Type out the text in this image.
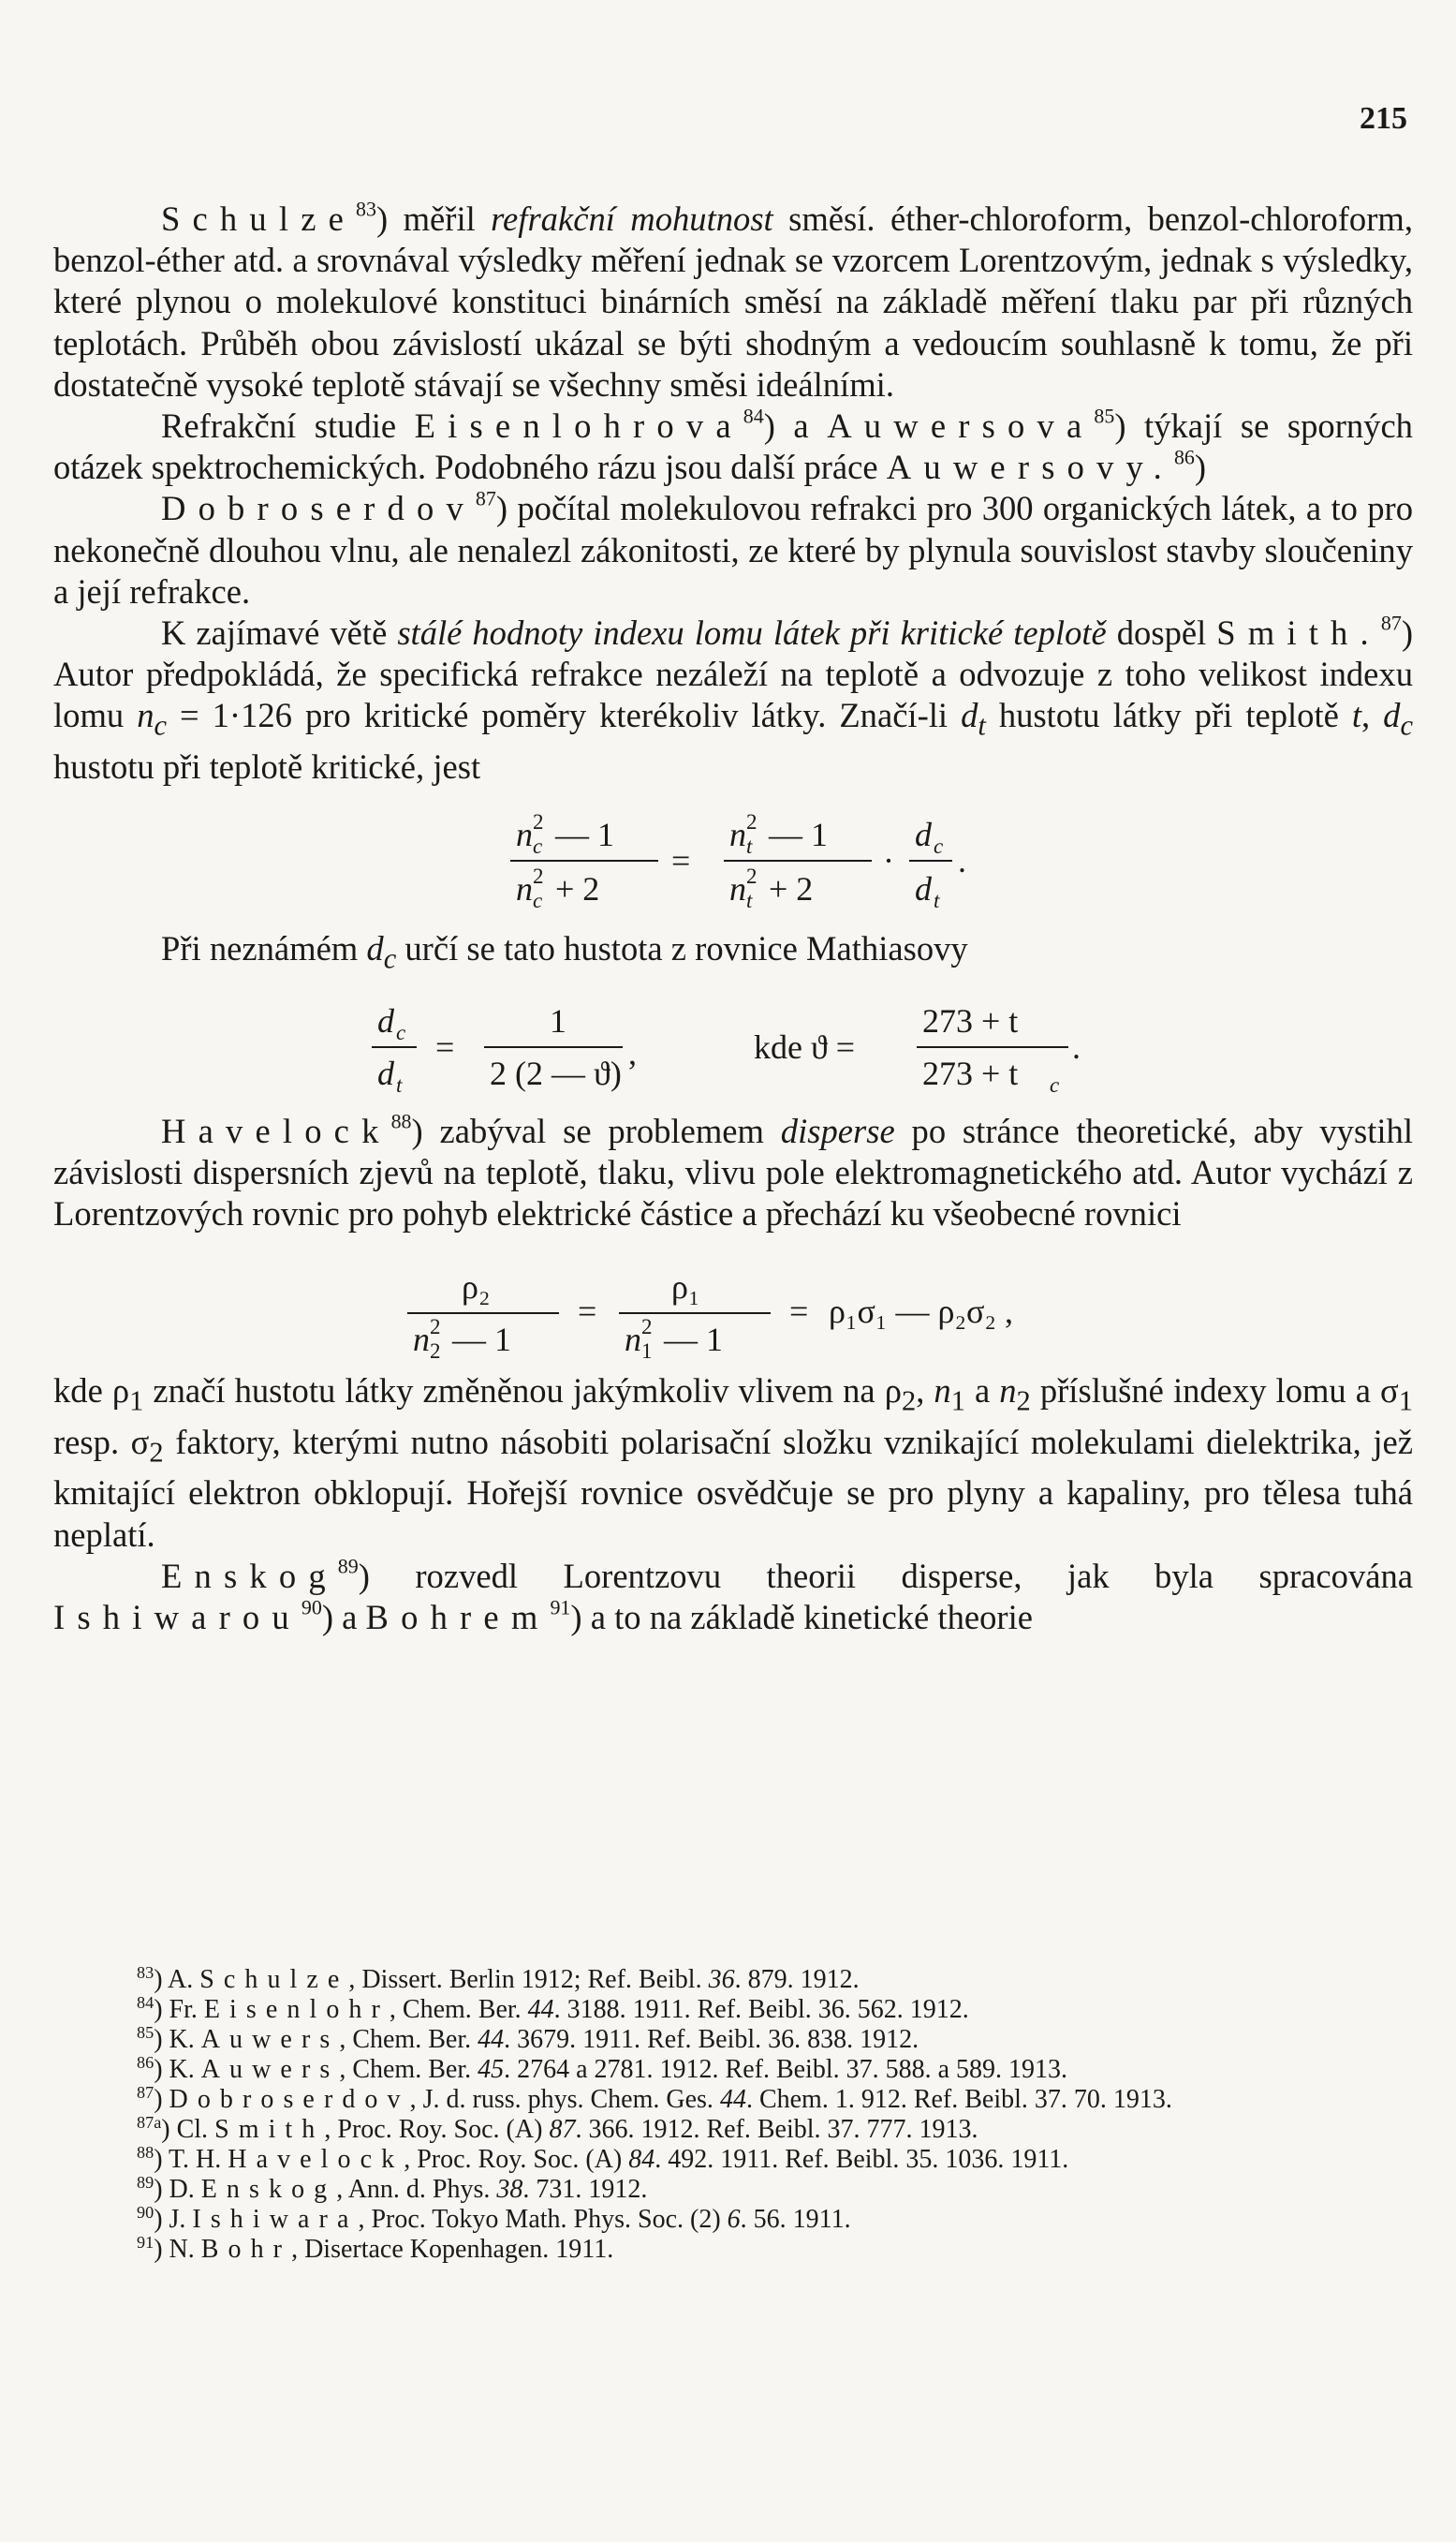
215

Schulze$^{83}$) měřil refrakční mohutnost směsí. éther-chloroform, benzol-chloroform, benzol-éther atd. a srovnával výsledky měření jednak se vzorcem Lorentzovým, jednak s výsledky, které plynou o molekulové konstituci binárních směsí na základě měření tlaku par při různých teplotách. Průběh obou závislostí ukázal se býti shodným a vedoucím souhlasně k tomu, že při dostatečně vysoké teplotě stávají se všechny směsi ideálními.

Refrakční studie Eisenlohrova$^{84}$) a Auwersova$^{85}$) týkají se sporných otázek spektrochemických. Podobného rázu jsou další práce Auwersovy.$^{86}$)

Dobroserdov$^{87}$) počítal molekulovou refrakci pro 300 organických látek, a to pro nekonečně dlouhou vlnu, ale nenalezl zákonitosti, ze které by plynula souvislost stavby sloučeniny a její refrakce.

K zajímavé větě stálé hodnoty indexu lomu látek při kritické teplotě dospěl Smith.$^{87}$) Autor předpokládá, že specifická refrakce nezáleží na teplotě a odvozuje z toho velikost indexu lomu $n_c = 1\cdot 126$ pro kritické poměry kterékoliv látky. Značí-li $d_t$ hustotu látky při teplotě t, $d_c$ hustotu při teplotě kritické, jest

n c
2 — 1
n c
2 + 2
=
n t
2 — 1
n t
2 + 2
·
d c
d t
.

Při neznámém $d_c$ určí se tato hustota z rovnice Mathiasovy

d c
d t
=
1
2 (2 — ϑ)
,	kde ϑ =
273 + t
273 + t c
.

Havelock$^{88}$) zabýval se problemem disperse po stránce theoretické, aby vystihl závislosti dispersních zjevů na teplotě, tlaku, vlivu pole elektromagnetického atd. Autor vychází z Lorentzových rovnic pro pohyb elektrické částice a přechází ku všeobecné rovnici

ρ₂
n 2
2 — 1
=
ρ₁
n 1
2 — 1
= ρ₁σ₁ — ρ₂σ₂ ,

kde $\rho_1$ značí hustotu látky změněnou jakýmkoliv vlivem na $\rho_2$, $n_1$ a $n_2$ příslušné indexy lomu a $\sigma_1$ resp. $\sigma_2$ faktory, kterými nutno násobiti polarisační složku vznikající molekulami dielektrika, jež kmitající elektron obklopují. Hořejší rovnice osvědčuje se pro plyny a kapaliny, pro tělesa tuhá neplatí.

Enskog$^{89}$) rozvedl Lorentzovu theorii disperse, jak byla spracována Ishiwarou$^{90}$) a Bohrem$^{91}$) a to na základě kinetické theorie

$^{83}$) A. Schulze, Dissert. Berlin 1912; Ref. Beibl. 36. 879. 1912.

$^{84}$) Fr. Eisenlohr, Chem. Ber. 44. 3188. 1911. Ref. Beibl. 36. 562. 1912.

$^{85}$) K. Auwers, Chem. Ber. 44. 3679. 1911. Ref. Beibl. 36. 838. 1912.

$^{86}$) K. Auwers, Chem. Ber. 45. 2764 a 2781. 1912. Ref. Beibl. 37. 588. a 589. 1913.

$^{87}$) Dobroserdov, J. d. russ. phys. Chem. Ges. 44. Chem. 1. 912. Ref. Beibl. 37. 70. 1913.

$^{87a}$) Cl. Smith, Proc. Roy. Soc. (A) 87. 366. 1912. Ref. Beibl. 37. 777. 1913.

$^{88}$) T. H. Havelock, Proc. Roy. Soc. (A) 84. 492. 1911. Ref. Beibl. 35. 1036. 1911.

$^{89}$) D. Enskog, Ann. d. Phys. 38. 731. 1912.

$^{90}$) J. Ishiwara, Proc. Tokyo Math. Phys. Soc. (2) 6. 56. 1911.

$^{91}$) N. Bohr, Disertace Kopenhagen. 1911.
